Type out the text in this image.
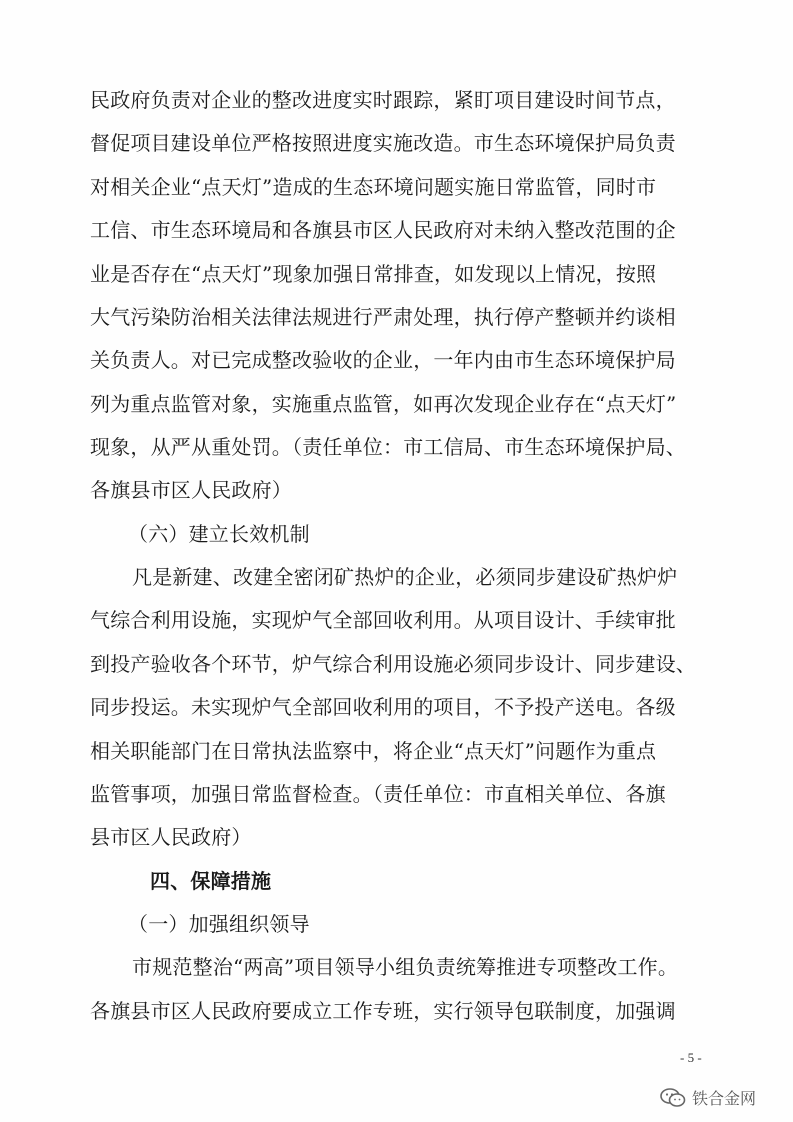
民政府负责对企业的整改进度实时跟踪，紧盯项目建设时间节点，
督促项目建设单位严格按照进度实施改造。市生态环境保护局负责
对相关企业“点天灯”造成的生态环境问题实施日常监管，同时市
工信、市生态环境局和各旗县市区人民政府对未纳入整改范围的企
业是否存在“点天灯”现象加强日常排查，如发现以上情况，按照
大气污染防治相关法律法规进行严肃处理，执行停产整顿并约谈相
关负责人。对已完成整改验收的企业，一年内由市生态环境保护局
列为重点监管对象，实施重点监管，如再次发现企业存在“点天灯”
现象，从严从重处罚。（责任单位：市工信局、市生态环境保护局、
各旗县市区人民政府）
（六）建立长效机制
凡是新建、改建全密闭矿热炉的企业，必须同步建设矿热炉炉
气综合利用设施，实现炉气全部回收利用。从项目设计、手续审批
到投产验收各个环节，炉气综合利用设施必须同步设计、同步建设、
同步投运。未实现炉气全部回收利用的项目，不予投产送电。各级
相关职能部门在日常执法监察中，将企业“点天灯”问题作为重点
监管事项，加强日常监督检查。（责任单位：市直相关单位、各旗
县市区人民政府）
四、保障措施
（一）加强组织领导
市规范整治“两高”项目领导小组负责统筹推进专项整改工作。
各旗县市区人民政府要成立工作专班，实行领导包联制度，加强调
- 5 -
铁合金网
